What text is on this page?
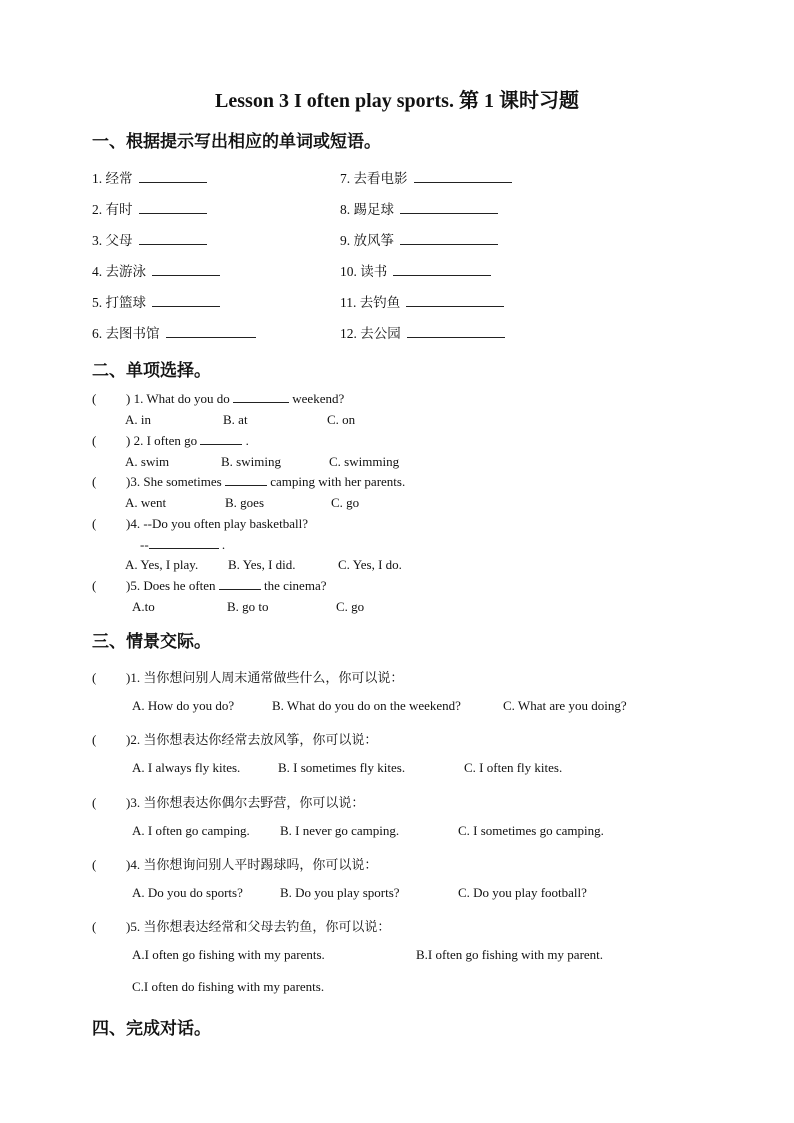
Lesson 3 I often play sports. 第 1 课时习题
一、根据提示写出相应的单词或短语。
1. 经常
2. 有时
3. 父母
4. 去游泳
5. 打篮球
6. 去图书馆
7. 去看电影
8. 踢足球
9. 放风筝
10. 读书
11. 去钓鱼
12. 去公园
二、单项选择。
( ) 1. What do you do	weekend?
A. in	B. at	C. on
( ) 2. I often go	.
A. swim	B. swiming	C. swimming
( )3. She sometimes	camping with her parents.
A. went	B. goes	C. go
( )4. --Do you often play basketball?
--	.
A. Yes, I play. B. Yes, I did.	C. Yes, I do.
( )5. Does he often	the cinema?
A.to	B. go to	C. go
三、情景交际。
( )1. 当你想问别人周末通常做些什么，你可以说：
A. How do you do?	B. What do you do on the weekend?	C. What are you doing?
( )2. 当你想表达你经常去放风筝，你可以说：
A. I always fly kites.	B. I sometimes fly kites.	C. I often fly kites.
( )3. 当你想表达你偶尔去野营，你可以说：
A. I often go camping. B. I never go camping.	C. I sometimes go camping.
( )4. 当你想询问别人平时踢球吗，你可以说：
A. Do you do sports?	B. Do you play sports?	C. Do you play football?
( )5. 当你想表达经常和父母去钓鱼，你可以说：
A.I often go fishing with my parents.	B.I often go fishing with my parent.
C.I often do fishing with my parents.
四、完成对话。
